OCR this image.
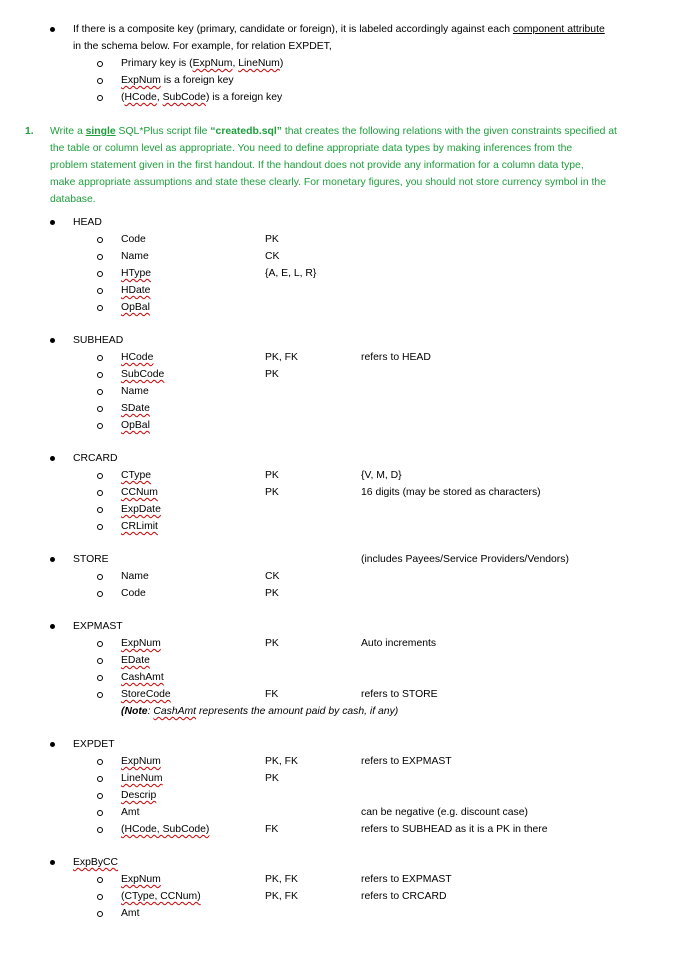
If there is a composite key (primary, candidate or foreign), it is labeled accordingly against each component attribute
in the schema below. For example, for relation EXPDET,
Primary key is (ExpNum, LineNum)
ExpNum is a foreign key
(HCode, SubCode) is a foreign key
1. Write a single SQL*Plus script file “createdb.sql” that creates the following relations with the given constraints specified at
the table or column level as appropriate. You need to define appropriate data types by making inferences from the
problem statement given in the first handout. If the handout does not provide any information for a column data type,
make appropriate assumptions and state these clearly. For monetary figures, you should not store currency symbol in the
database.
HEAD
Code	PK
Name	CK
HType	{A, E, L, R}
HDate
OpBal
SUBHEAD
HCode	PK, FK	refers to HEAD
SubCode	PK
Name
SDate
OpBal
CRCARD
CType	PK	{V, M, D}
CCNum	PK	16 digits (may be stored as characters)
ExpDate
CRLimit
STORE	(includes Payees/Service Providers/Vendors)
Name	CK
Code	PK
EXPMAST
ExpNum	PK	Auto increments
EDate
CashAmt
StoreCode	FK	refers to STORE
EXPDET
ExpNum	PK, FK	refers to EXPMAST
LineNum	PK
Descrip
Amt	can be negative (e.g. discount case)
(HCode, SubCode)	FK	refers to SUBHEAD as it is a PK in there
ExpByCC
ExpNum	PK, FK	refers to EXPMAST
(CType, CCNum)	PK, FK	refers to CRCARD
Amt
(Note: CashAmt represents the amount paid by cash, if any)
